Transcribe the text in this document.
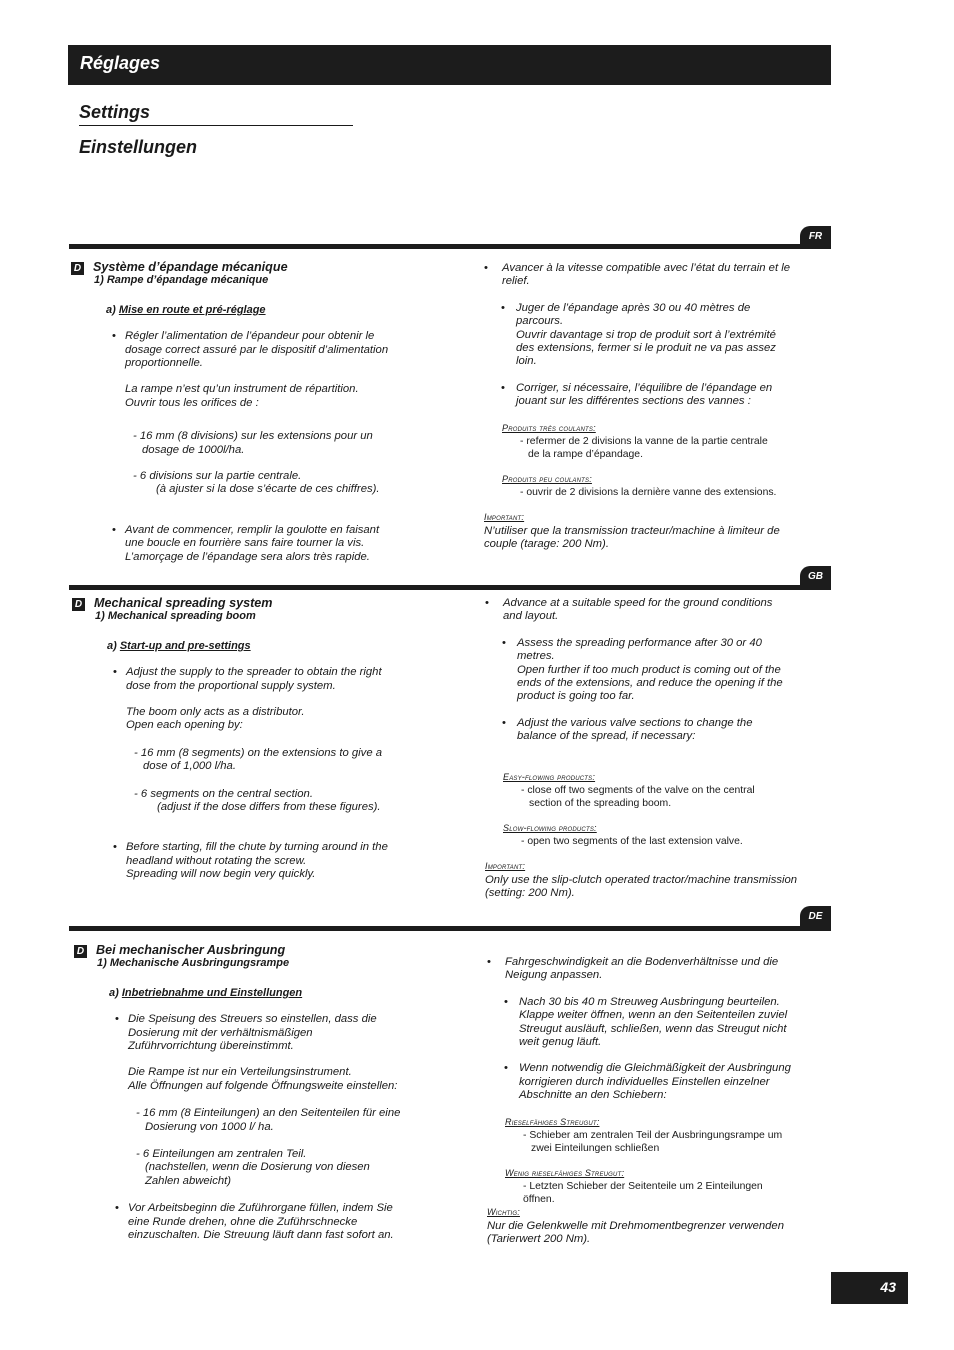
Réglages
Settings
Einstellungen
FR

D Système d’épandage mécanique

1) Rampe d’épandage mécanique

a) Mise en route et pré-réglage

• Régler l’alimentation de l’épandeur pour obtenir le
dosage correct assuré par le dispositif d’alimentation
proportionnelle.

La rampe n’est qu’un instrument de répartition.
Ouvrir tous les orifices de :

- 16 mm (8 divisions) sur les extensions pour un
dosage de 1000l/ha.

- 6 divisions sur la partie centrale.
(à ajuster si la dose s’écarte de ces chiffres).

• Avant de commencer, remplir la goulotte en faisant
une boucle en fourrière sans faire tourner la vis.
L’amorçage de l’épandage sera alors très rapide.

• Avancer à la vitesse compatible avec l’état du terrain et le
relief.

• Juger de l’épandage après 30 ou 40 mètres de
parcours.
Ouvrir davantage si trop de produit sort à l’extrémité
des extensions, fermer si le produit ne va pas assez
loin.

• Corriger, si nécessaire, l’équilibre de l’épandage en
jouant sur les différentes sections des vannes :

Produits très coulants:

- refermer de 2 divisions la vanne de la partie centrale
de la rampe d’épandage.

Produits peu coulants:

- ouvrir de 2 divisions la dernière vanne des extensions.

Important:
N’utiliser que la transmission tracteur/machine à limiteur de
couple (tarage: 200 Nm).

GB

D Mechanical spreading system

1) Mechanical spreading boom

a) Start-up and pre-settings

• Adjust the supply to the spreader to obtain the right
dose from the proportional supply system.

The boom only acts as a distributor.
Open each opening by:

- 16 mm (8 segments) on the extensions to give a
dose of 1,000 l/ha.

- 6 segments on the central section.
(adjust if the dose differs from these figures).

• Before starting, fill the chute by turning around in the
headland without rotating the screw.
Spreading will now begin very quickly.

• Advance at a suitable speed for the ground conditions
and layout.

• Assess the spreading performance after 30 or 40
metres.
Open further if too much product is coming out of the
ends of the extensions, and reduce the opening if the
product is going too far.

• Adjust the various valve sections to change the
balance of the spread, if necessary:

Easy-flowing products:

- close off two segments of the valve on the central
section of the spreading boom.

Slow-flowing products:

- open two segments of the last extension valve.

Important:
Only use the slip-clutch operated tractor/machine transmission
(setting: 200 Nm).

DE

D Bei mechanischer Ausbringung

1) Mechanische Ausbringungsrampe

a) Inbetriebnahme und Einstellungen

• Die Speisung des Streuers so einstellen, dass die
Dosierung mit der verhältnismäßigen
Zuführvorrichtung übereinstimmt.

Die Rampe ist nur ein Verteilungsinstrument.
Alle Öffnungen auf folgende Öffnungsweite einstellen:

- 16 mm (8 Einteilungen) an den Seitenteilen für eine
Dosierung von 1000 l/ ha.

- 6 Einteilungen am zentralen Teil.
(nachstellen, wenn die Dosierung von diesen
Zahlen abweicht)

• Vor Arbeitsbeginn die Zuführorgane füllen, indem Sie
eine Runde drehen, ohne die Zuführschnecke
einzuschalten. Die Streuung läuft dann fast sofort an.

• Fahrgeschwindigkeit an die Bodenverhältnisse und die
Neigung anpassen.

• Nach 30 bis 40 m Streuweg Ausbringung beurteilen.
Klappe weiter öffnen, wenn an den Seitenteilen zuviel
Streugut ausläuft, schließen, wenn das Streugut nicht
weit genug läuft.

• Wenn notwendig die Gleichmäßigkeit der Ausbringung
korrigieren durch individuelles Einstellen einzelner
Abschnitte an den Schiebern:

Rieselfähiges Streugut:

- Schieber am zentralen Teil der Ausbringungsrampe um
zwei Einteilungen schließen

Wenig rieselfähiges Streugut:

- Letzten Schieber der Seitenteile um 2 Einteilungen
öffnen.

Wichtig:
Nur die Gelenkwelle mit Drehmomentbegrenzer verwenden
(Tarierwert 200 Nm).

43
